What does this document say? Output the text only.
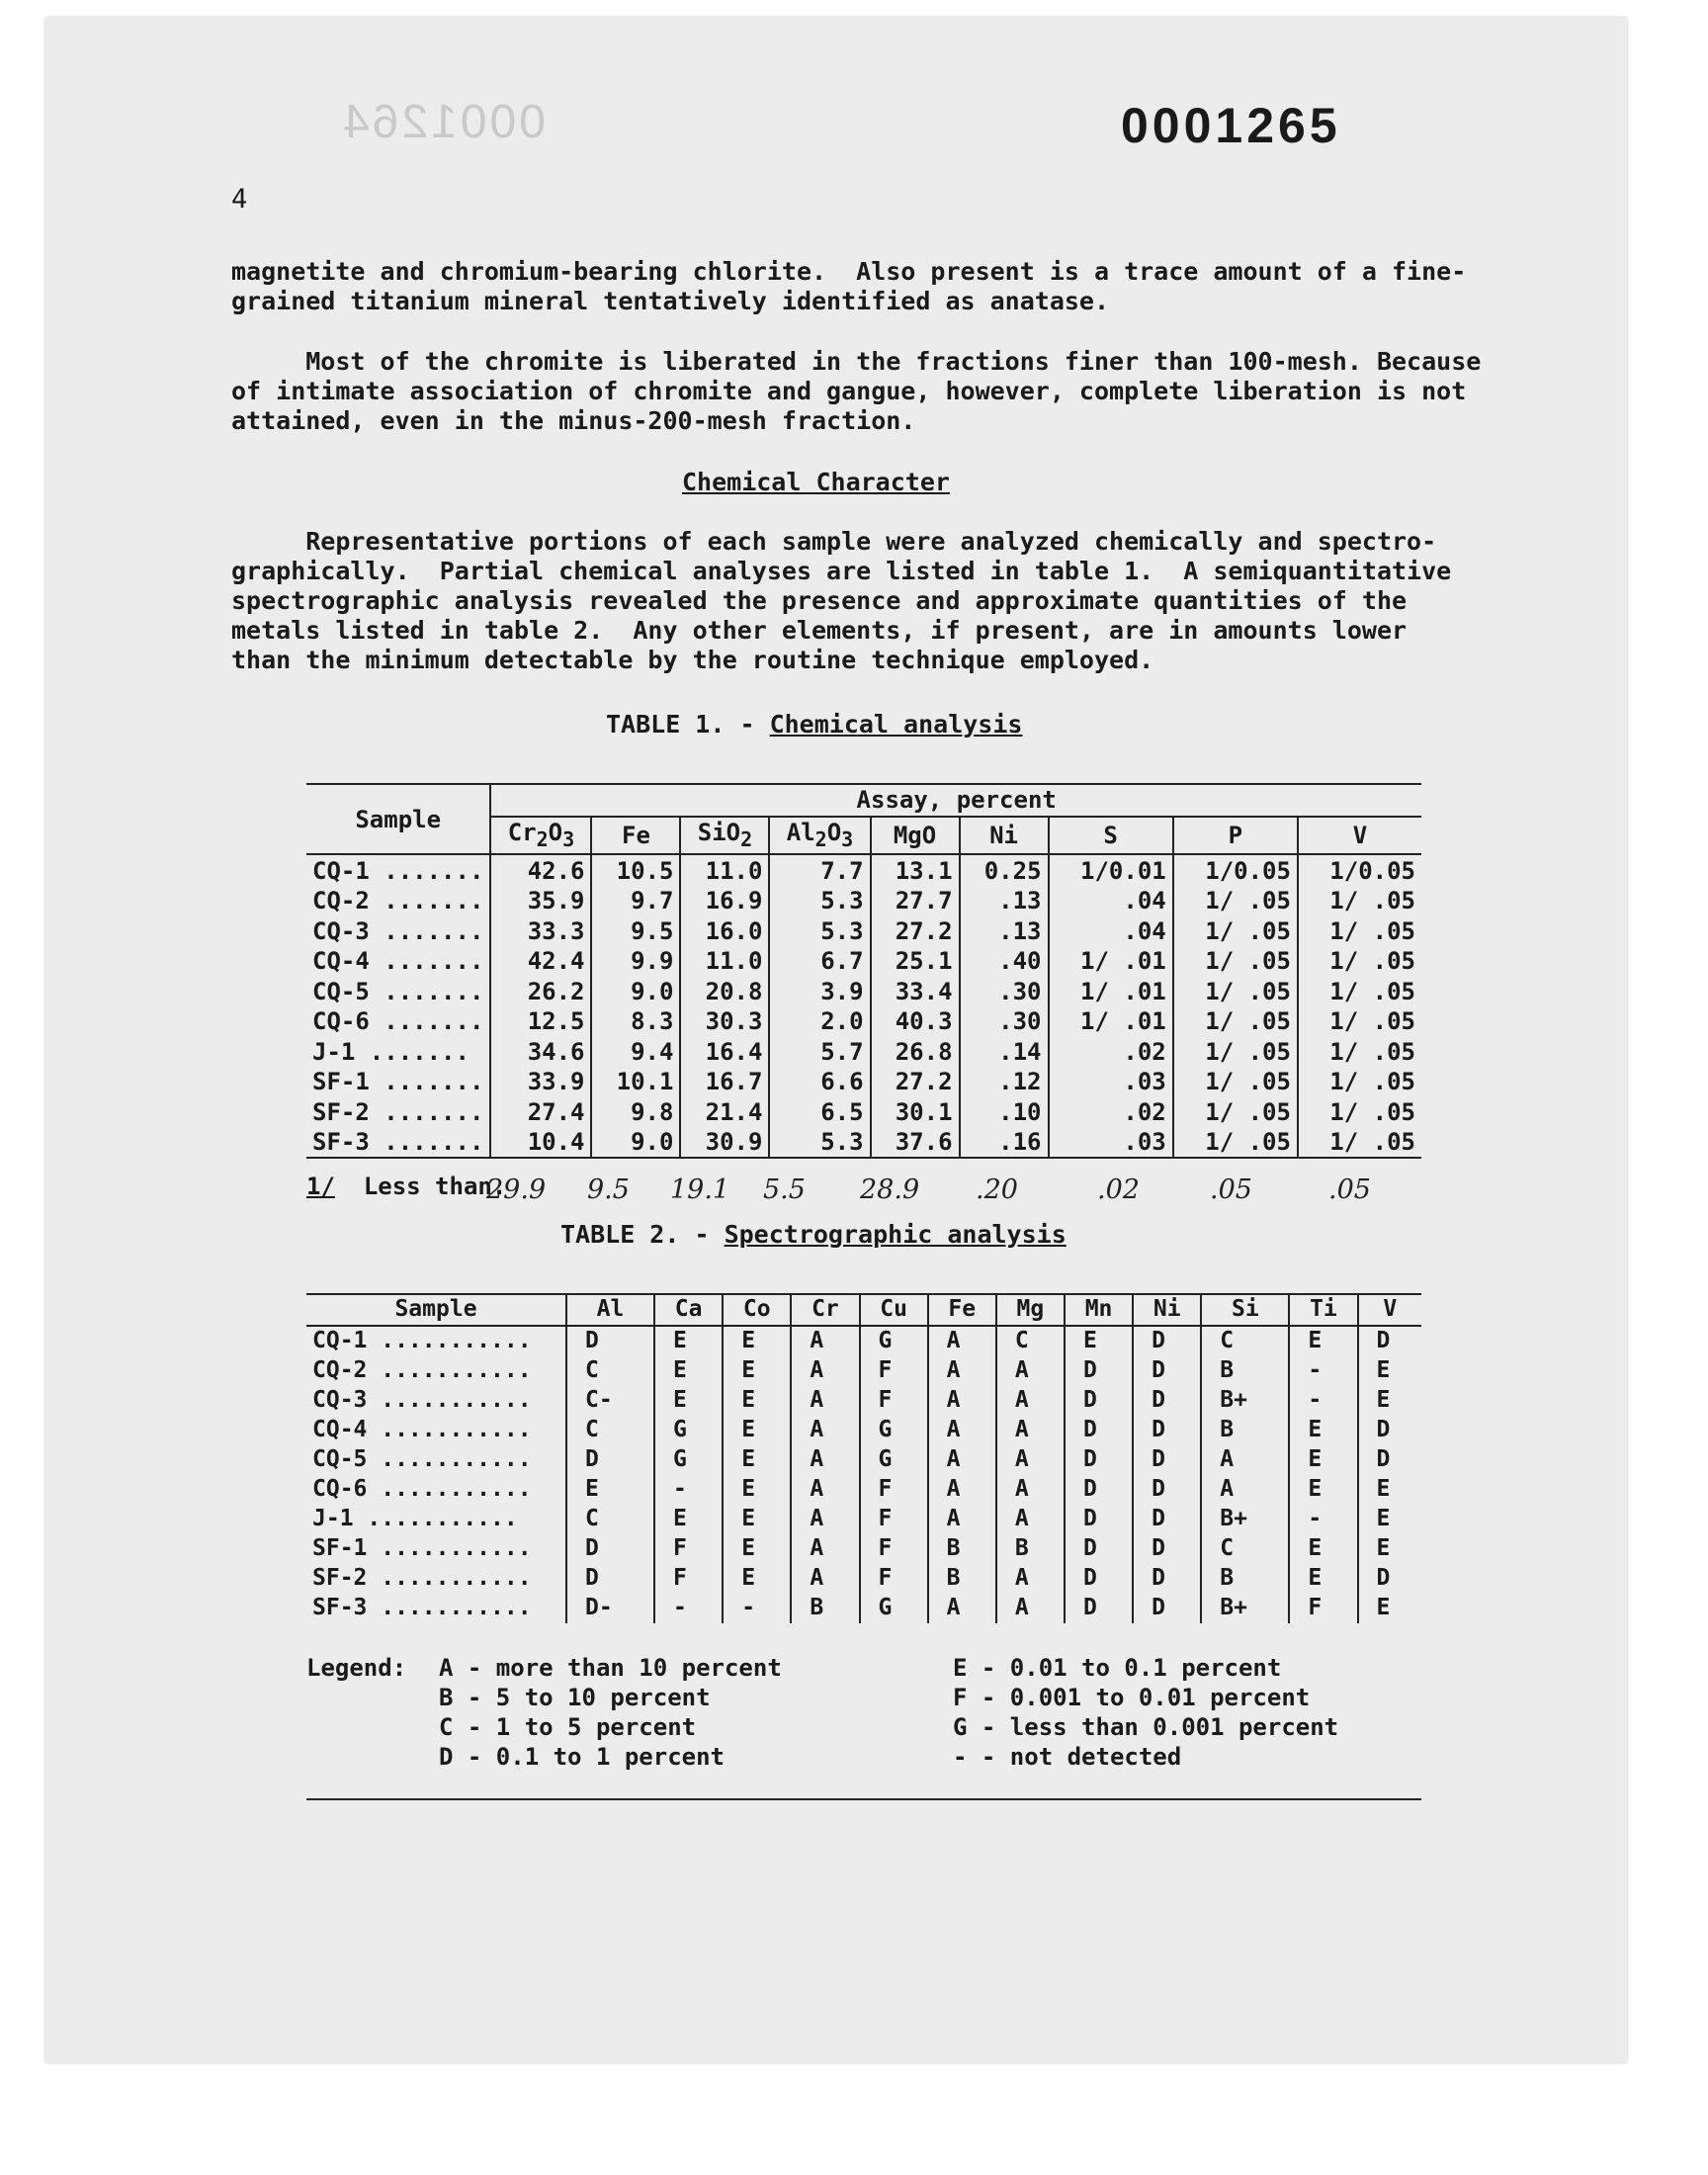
0001264	0001265
4
magnetite and chromium-bearing chlorite.  Also present is a trace amount of a fine-
grained titanium mineral tentatively identified as anatase.
Most of the chromite is liberated in the fractions finer than 100-mesh. Because
of intimate association of chromite and gangue, however, complete liberation is not
attained, even in the minus-200-mesh fraction.
Chemical Character
Representative portions of each sample were analyzed chemically and spectro-
graphically.  Partial chemical analyses are listed in table 1.  A semiquantitative
spectrographic analysis revealed the presence and approximate quantities of the
metals listed in table 2.  Any other elements, if present, are in amounts lower
than the minimum detectable by the routine technique employed.
TABLE 1. - Chemical analysis
Sample	Assay, percent								
	$Cr_2O_3$	Fe	SiO$_2$	$Al_2O_3$	MgO	Ni	S	P	V
CQ-1 .......	42.6	10.5	11.0	7.7	13.1	0.25	1/0.01	1/0.05	1/0.05
CQ-2 .......	35.9	9.7	16.9	5.3	27.7	.13	.04	1/ .05	1/ .05
CQ-3 .......	33.3	9.5	16.0	5.3	27.2	.13	.04	1/ .05	1/ .05
CQ-4 .......	42.4	9.9	11.0	6.7	25.1	.40	1/ .01	1/ .05	1/ .05
CQ-5 .......	26.2	9.0	20.8	3.9	33.4	.30	1/ .01	1/ .05	1/ .05
CQ-6 .......	12.5	8.3	30.3	2.0	40.3	.30	1/ .01	1/ .05	1/ .05
J-1 .......	34.6	9.4	16.4	5.7	26.8	.14	.02	1/ .05	1/ .05
SF-1 .......	33.9	10.1	16.7	6.6	27.2	.12	.03	1/ .05	1/ .05
SF-2 .......	27.4	9.8	21.4	6.5	30.1	.10	.02	1/ .05	1/ .05
SF-3 .......	10.4	9.0	30.9	5.3	37.6	.16	.03	1/ .05	1/ .05
1/ Less than.
29.9 9.5 19.1 5.5 28.9 .20	.02	.05	.05
TABLE 2. - Spectrographic analysis
Sample	Al	Ca	Co	Cr	Cu	Fe	Mg	Mn	Ni	Si	Ti	V
CQ-1 ...........	D	E	E	A	G	A	C	E	D	C	E	D
CQ-2 ...........	C	E	E	A	F	A	A	D	D	B	-	E
CQ-3 ...........	C-	E	E	A	F	A	A	D	D	B+	-	E
CQ-4 ...........	C	G	E	A	G	A	A	D	D	B	E	D
CQ-5 ...........	D	G	E	A	G	A	A	D	D	A	E	D
CQ-6 ...........	E	-	E	A	F	A	A	D	D	A	E	E
J-1 ...........	C	E	E	A	F	A	A	D	D	B+	-	E
SF-1 ...........	D	F	E	A	F	B	B	D	D	C	E	E
SF-2 ...........	D	F	E	A	F	B	A	D	D	B	E	D
SF-3 ...........	D-	-	-	B	G	A	A	D	D	B+	F	E
Legend: A - more than 10 percent
B - 5 to 10 percent
C - 1 to 5 percent
D - 0.1 to 1 percent
E - 0.01 to 0.1 percent
F - 0.001 to 0.01 percent
G - less than 0.001 percent
- - not detected
